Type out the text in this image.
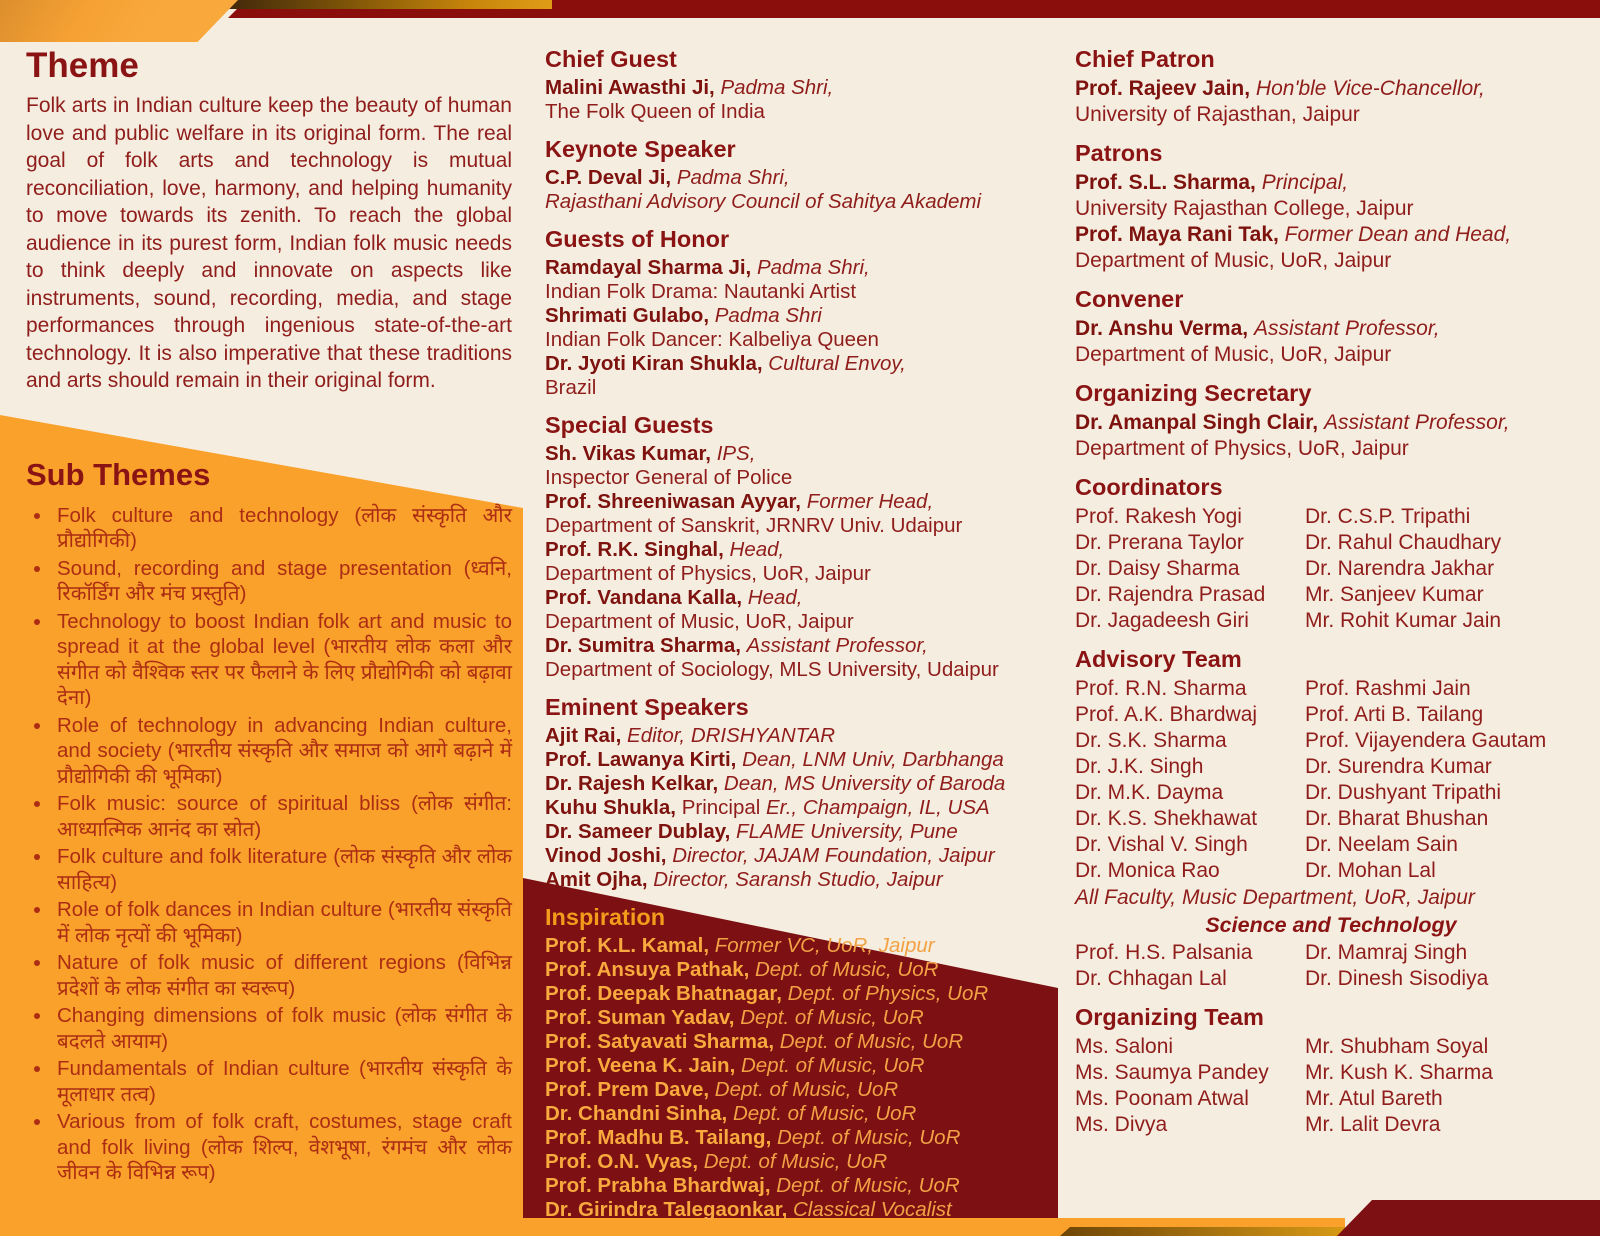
Theme

Folk arts in Indian culture keep the beauty of human love and public welfare in its original form. The real goal of folk arts and technology is mutual reconciliation, love, harmony, and helping humanity to move towards its zenith. To reach the global audience in its purest form, Indian folk music needs to think deeply and innovate on aspects like instruments, sound, recording, media, and stage performances through ingenious state-of-the-art technology. It is also imperative that these traditions and arts should remain in their original form.

Sub Themes
• Folk culture and technology (लोक संस्कृति और प्रौद्योगिकी)
• Sound, recording and stage presentation (ध्वनि, रिकॉर्डिंग और मंच प्रस्तुति)
• Technology to boost Indian folk art and music to spread it at the global level (भारतीय लोक कला और संगीत को वैश्विक स्तर पर फैलाने के लिए प्रौद्योगिकी को बढ़ावा देना)
• Role of technology in advancing Indian culture, and society (भारतीय संस्कृति और समाज को आगे बढ़ाने में प्रौद्योगिकी की भूमिका)
• Folk music: source of spiritual bliss (लोक संगीत: आध्यात्मिक आनंद का स्रोत)
• Folk culture and folk literature (लोक संस्कृति और लोक साहित्य)
• Role of folk dances in Indian culture (भारतीय संस्कृति में लोक नृत्यों की भूमिका)
• Nature of folk music of different regions (विभिन्न प्रदेशों के लोक संगीत का स्वरूप)
• Changing dimensions of folk music (लोक संगीत के बदलते आयाम)
• Fundamentals of Indian culture (भारतीय संस्कृति के मूलाधार तत्व)
• Various from of folk craft, costumes, stage craft and folk living (लोक शिल्प, वेशभूषा, रंगमंच और लोक जीवन के विभिन्न रूप)
Chief Guest

Malini Awasthi Ji, Padma Shri,

The Folk Queen of India

Keynote Speaker

C.P. Deval Ji, Padma Shri,

Rajasthani Advisory Council of Sahitya Akademi

Guests of Honor

Ramdayal Sharma Ji, Padma Shri,

Indian Folk Drama: Nautanki Artist

Shrimati Gulabo, Padma Shri

Indian Folk Dancer: Kalbeliya Queen

Dr. Jyoti Kiran Shukla, Cultural Envoy,

Brazil

Special Guests

Sh. Vikas Kumar, IPS,

Inspector General of Police

Prof. Shreeniwasan Ayyar, Former Head,

Department of Sanskrit, JRNRV Univ. Udaipur

Prof. R.K. Singhal, Head,

Department of Physics, UoR, Jaipur

Prof. Vandana Kalla, Head,

Department of Music, UoR, Jaipur

Dr. Sumitra Sharma, Assistant Professor,

Department of Sociology, MLS University, Udaipur

Eminent Speakers

Ajit Rai, Editor, DRISHYANTAR

Prof. Lawanya Kirti, Dean, LNM Univ, Darbhanga

Dr. Rajesh Kelkar, Dean, MS University of Baroda

Kuhu Shukla, Principal Er., Champaign, IL, USA

Dr. Sameer Dublay, FLAME University, Pune

Vinod Joshi, Director, JAJAM Foundation, Jaipur

Amit Ojha, Director, Saransh Studio, Jaipur

Inspiration

Prof. K.L. Kamal, Former VC, UoR, Jaipur

Prof. Ansuya Pathak, Dept. of Music, UoR

Prof. Deepak Bhatnagar, Dept. of Physics, UoR

Prof. Suman Yadav, Dept. of Music, UoR

Prof. Satyavati Sharma, Dept. of Music, UoR

Prof. Veena K. Jain, Dept. of Music, UoR

Prof. Prem Dave, Dept. of Music, UoR

Dr. Chandni Sinha, Dept. of Music, UoR

Prof. Madhu B. Tailang, Dept. of Music, UoR

Prof. O.N. Vyas, Dept. of Music, UoR

Prof. Prabha Bhardwaj, Dept. of Music, UoR

Dr. Girindra Talegaonkar, Classical Vocalist

Chief Patron

Prof. Rajeev Jain, Hon'ble Vice-Chancellor,

University of Rajasthan, Jaipur

Patrons

Prof. S.L. Sharma, Principal,

University Rajasthan College, Jaipur

Prof. Maya Rani Tak, Former Dean and Head,

Department of Music, UoR, Jaipur

Convener

Dr. Anshu Verma, Assistant Professor,

Department of Music, UoR, Jaipur

Organizing Secretary

Dr. Amanpal Singh Clair, Assistant Professor,

Department of Physics, UoR, Jaipur

Coordinators
Prof. Rakesh Yogi	Dr. C.S.P. Tripathi
Dr. Prerana Taylor	Dr. Rahul Chaudhary
Dr. Daisy Sharma	Dr. Narendra Jakhar
Dr. Rajendra Prasad	Mr. Sanjeev Kumar
Dr. Jagadeesh Giri	Mr. Rohit Kumar Jain
Advisory Team
Prof. R.N. Sharma	Prof. Rashmi Jain
Prof. A.K. Bhardwaj	Prof. Arti B. Tailang
Dr. S.K. Sharma	Prof. Vijayendera Gautam
Dr. J.K. Singh	Dr. Surendra Kumar
Dr. M.K. Dayma	Dr. Dushyant Tripathi
Dr. K.S. Shekhawat	Dr. Bharat Bhushan
Dr. Vishal V. Singh	Dr. Neelam Sain
Dr. Monica Rao	Dr. Mohan Lal

All Faculty, Music Department, UoR, Jaipur

Science and Technology

Prof. H.S. Palsania	Dr. Mamraj Singh
Dr. Chhagan Lal	Dr. Dinesh Sisodiya
Organizing Team
Ms. Saloni	Mr. Shubham Soyal
Ms. Saumya Pandey	Mr. Kush K. Sharma
Ms. Poonam Atwal	Mr. Atul Bareth
Ms. Divya	Mr. Lalit Devra
